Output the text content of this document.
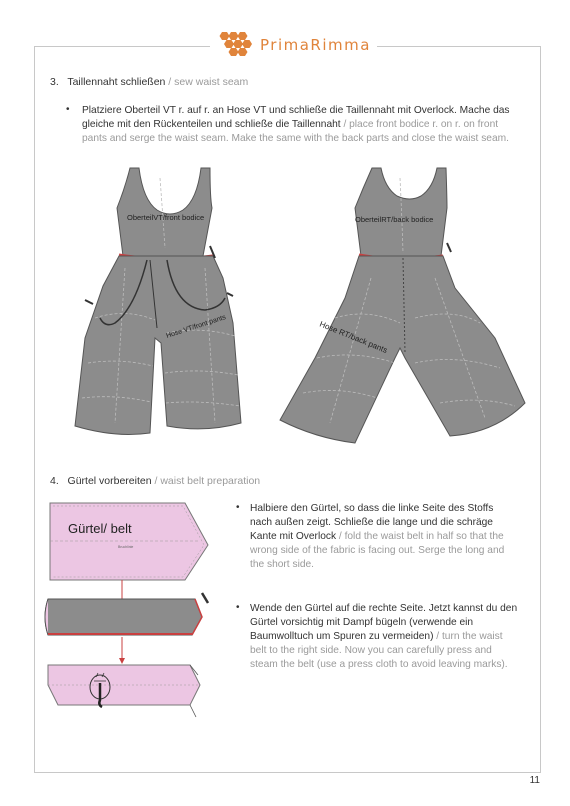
PrimaRimma
3. Taillennaht schließen / sew waist seam
• Platziere Oberteil VT r. auf r. an Hose VT und schließe die Taillennaht mit Overlock. Mache das gleiche mit den Rückenteilen und schließe die Taillennaht / place front bodice r. on r. on front pants and serge the waist seam. Make the same with the back parts and close the waist seam.
OberteilVT/front bodice
Hose VT/front pants
OberteilRT/back bodice
Hose RT/back pants
4. Gürtel vorbereiten / waist belt preparation
Gürtel/ belt
Bruchlinie
• Halbiere den Gürtel, so dass die linke Seite des Stoffs nach außen zeigt. Schließe die lange und die schräge Kante mit Overlock / fold the waist belt in half so that the wrong side of the fabric is facing out. Serge the long and the short side.
• Wende den Gürtel auf die rechte Seite. Jetzt kannst du den Gürtel vorsichtig mit Dampf bügeln (verwende ein Baumwolltuch um Spuren zu vermeiden) / turn the waist belt to the right side. Now you can carefully press and steam the belt (use a press cloth to avoid leaving marks).
11
